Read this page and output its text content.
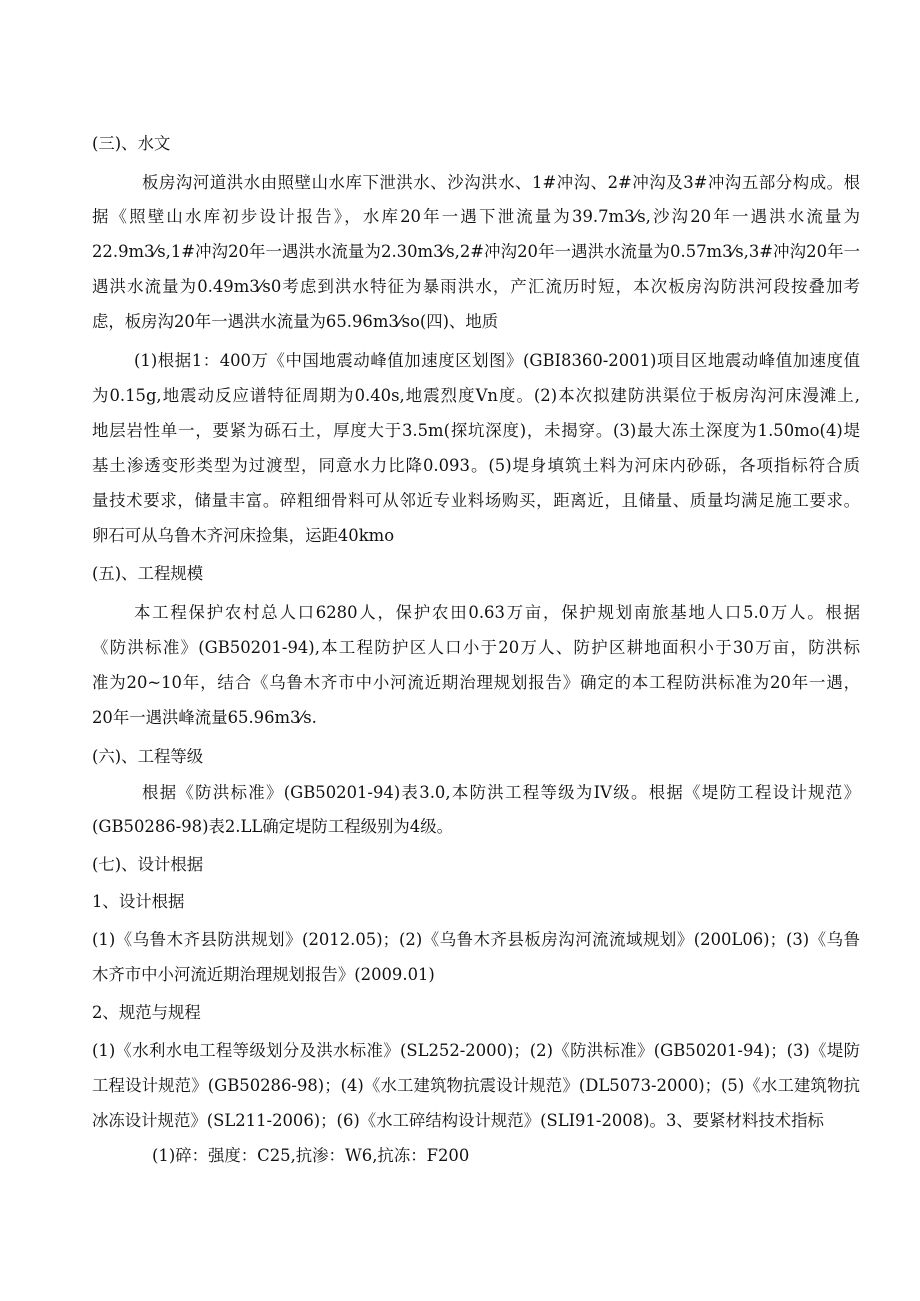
(三)、水文

板房沟河道洪水由照壁山水库下泄洪水、沙沟洪水、1#冲沟、2#冲沟及3#冲沟五部分构成。根

据《照壁山水库初步设计报告》，水库20年一遇下泄流量为39.7m3⁄s,沙沟20年一遇洪水流量为

22.9m3⁄s,1#冲沟20年一遇洪水流量为2.30m3⁄s,2#冲沟20年一遇洪水流量为0.57m3⁄s,3#冲沟20年一

遇洪水流量为0.49m3⁄s0考虑到洪水特征为暴雨洪水，产汇流历时短，本次板房沟防洪河段按叠加考

虑，板房沟20年一遇洪水流量为65.96m3⁄so(四)、地质

(1)根据1：400万《中国地震动峰值加速度区划图》(GBI8360-2001)项目区地震动峰值加速度值

为0.15g,地震动反应谱特征周期为0.40s,地震烈度Vn度。(2)本次拟建防洪渠位于板房沟河床漫滩上,

地层岩性单一，要紧为砾石土，厚度大于3.5m(探坑深度)，未揭穿。(3)最大冻土深度为1.50mo(4)堤

基土渗透变形类型为过渡型，同意水力比降0.093。(5)堤身填筑土料为河床内砂砾，各项指标符合质

量技术要求，储量丰富。碎粗细骨料可从邻近专业料场购买，距离近，且储量、质量均满足施工要求。

卵石可从乌鲁木齐河床捡集，运距40kmo

(五)、工程规模

本工程保护农村总人口6280人，保护农田0.63万亩，保护规划南旅基地人口5.0万人。根据

《防洪标准》(GB50201-94),本工程防护区人口小于20万人、防护区耕地面积小于30万亩，防洪标

准为20~10年，结合《乌鲁木齐市中小河流近期治理规划报告》确定的本工程防洪标准为20年一遇，

20年一遇洪峰流量65.96m3⁄s.

(六)、工程等级

根据《防洪标准》(GB50201-94)表3.0,本防洪工程等级为IV级。根据《堤防工程设计规范》

(GB50286-98)表2.LL确定堤防工程级别为4级。

(七)、设计根据

1、设计根据

(1)《乌鲁木齐县防洪规划》(2012.05)；(2)《乌鲁木齐县板房沟河流流域规划》(200L06)；(3)《乌鲁

木齐市中小河流近期治理规划报告》(2009.01)

2、规范与规程

(1)《水利水电工程等级划分及洪水标准》(SL252-2000)；(2)《防洪标准》(GB50201-94)；(3)《堤防

工程设计规范》(GB50286-98)；(4)《水工建筑物抗震设计规范》(DL5073-2000)；(5)《水工建筑物抗

冰冻设计规范》(SL211-2006)；(6)《水工碎结构设计规范》(SLI91-2008)。3、要紧材料技术指标

(1)碎：强度：C25,抗渗：W6,抗冻：F200
